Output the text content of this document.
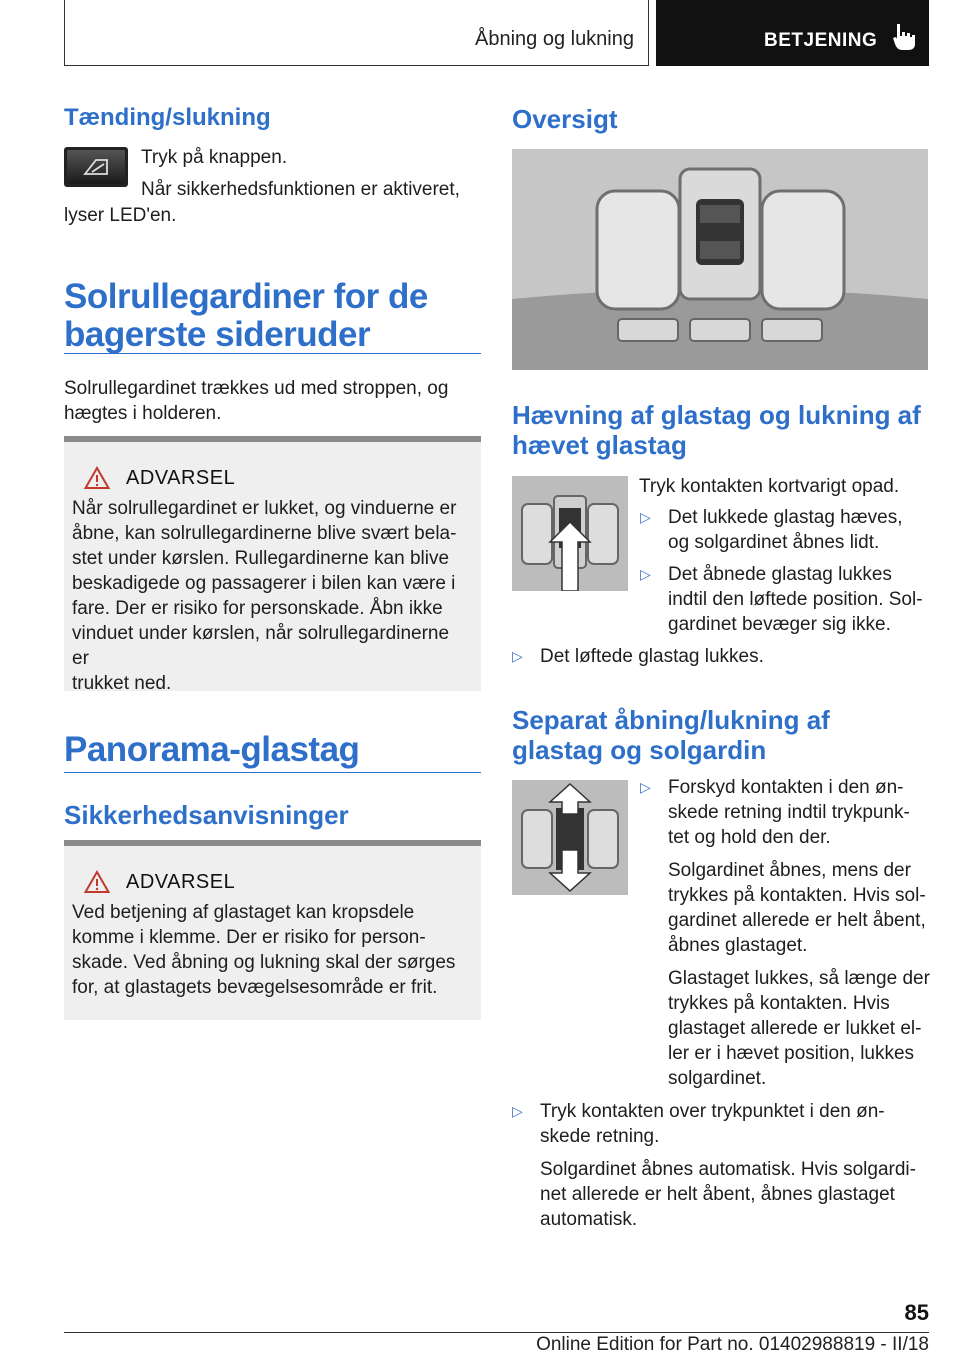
Åbning og lukning	BETJENING
Tænding/slukning
Tryk på knappen.
Når sikkerhedsfunktionen er aktiveret,
lyser LED'en.
Solrullegardiner for de
bagerste sideruder
Solrullegardinet trækkes ud med stroppen, og
hægtes i holderen.
ADVARSEL
Når solrullegardinet er lukket, og vinduerne er
åbne, kan solrullegardinerne blive svært bela-
stet under kørslen. Rullegardinerne kan blive
beskadigede og passagerer i bilen kan være i
fare. Der er risiko for personskade. Åbn ikke
vinduet under kørslen, når solrullegardinerne er
trukket ned.
Panorama-glastag
Sikkerhedsanvisninger
ADVARSEL
Ved betjening af glastaget kan kropsdele
komme i klemme. Der er risiko for person-
skade. Ved åbning og lukning skal der sørges
for, at glastagets bevægelsesområde er frit.
Oversigt
Hævning af glastag og lukning af
hævet glastag
Tryk kontakten kortvarigt opad.
▷ Det lukkede glastag hæves,
og solgardinet åbnes lidt.
▷ Det åbnede glastag lukkes
indtil den løftede position. Sol-
gardinet bevæger sig ikke.
▷ Det løftede glastag lukkes.
Separat åbning/lukning af
glastag og solgardin
▷ Forskyd kontakten i den øn-
skede retning indtil trykpunk-
tet og hold den der.
Solgardinet åbnes, mens der
trykkes på kontakten. Hvis sol-
gardinet allerede er helt åbent,
åbnes glastaget.
Glastaget lukkes, så længe der
trykkes på kontakten. Hvis
glastaget allerede er lukket el-
ler er i hævet position, lukkes
solgardinet.
▷ Tryk kontakten over trykpunktet i den øn-
skede retning.
Solgardinet åbnes automatisk. Hvis solgardi-
net allerede er helt åbent, åbnes glastaget
automatisk.
85
Online Edition for Part no. 01402988819 - II/18
